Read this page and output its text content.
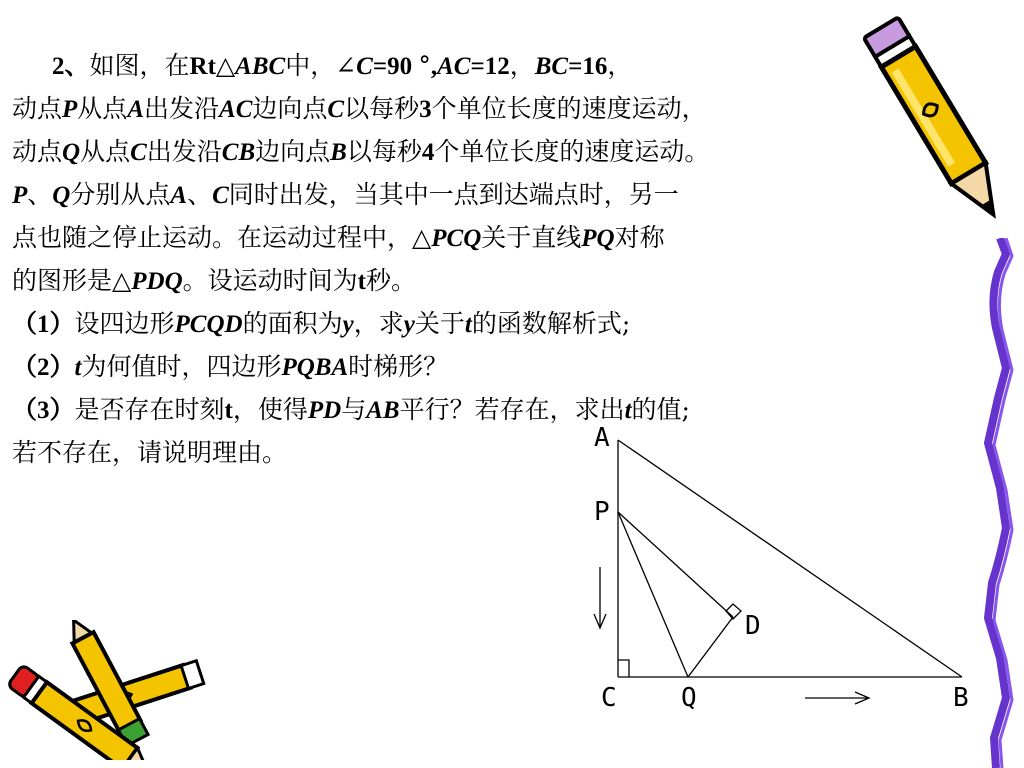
2、如图，在Rt△ABC中，∠C=90 °,AC=12，BC=16，
动点P从点A出发沿AC边向点C以每秒3个单位长度的速度运动，
动点Q从点C出发沿CB边向点B以每秒4个单位长度的速度运动。
P、Q分别从点A、C同时出发，当其中一点到达端点时，另一
点也随之停止运动。在运动过程中，△PCQ关于直线PQ对称
的图形是△PDQ。设运动时间为t秒。
（1）设四边形PCQD的面积为y，求y关于t的函数解析式;
（2）t为何值时，四边形PQBA时梯形？
（3）是否存在时刻t，使得PD与AB平行？若存在，求出t的值;
若不存在，请说明理由。	A
P
D
C Q	B
